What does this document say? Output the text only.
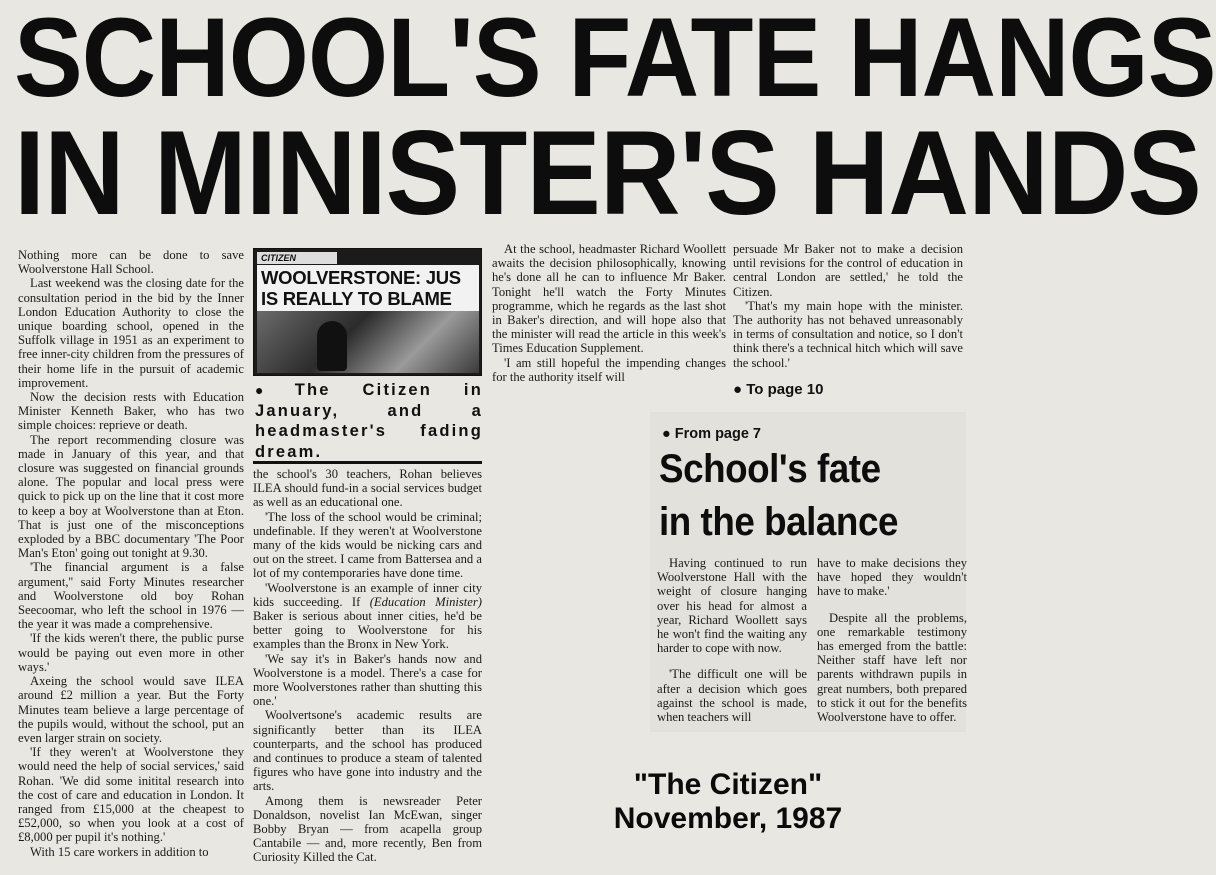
SCHOOL'S FATE HANGS
IN MINISTER'S HANDS

Nothing more can be done to save Woolverstone Hall School.

Last weekend was the closing date for the consultation period in the bid by the Inner London Education Authority to close the unique boarding school, opened in the Suffolk village in 1951 as an experiment to free inner-city children from the pressures of their home life in the pursuit of academic improvement.

Now the decision rests with Education Minister Kenneth Baker, who has two simple choices: reprieve or death.

The report recommending closure was made in January of this year, and that closure was suggested on financial grounds alone. The popular and local press were quick to pick up on the line that it cost more to keep a boy at Woolverstone than at Eton. That is just one of the misconceptions exploded by a BBC documentary 'The Poor Man's Eton' going out tonight at 9.30.

'The financial argument is a false argument,'' said Forty Minutes researcher and Woolverstone old boy Rohan Seecoomar, who left the school in 1976 — the year it was made a comprehensive.

'If the kids weren't there, the public purse would be paying out even more in other ways.'

Axeing the school would save ILEA around £2 million a year. But the Forty Minutes team believe a large percentage of the pupils would, without the school, put an even larger strain on society.

'If they weren't at Woolverstone they would need the help of social services,' said Rohan. 'We did some initital research into the cost of care and education in London. It ranged from £15,000 at the cheapest to £52,000, so when you look at a cost of £8,000 per pupil it's nothing.'

With 15 care workers in addition to

CITIZEN
WOOLVERSTONE: JUS
IS REALLY TO BLAME
● The Citizen in January, and a headmaster's fading dream.

the school's 30 teachers, Rohan believes ILEA should fund-in a social services budget as well as an educational one.

'The loss of the school would be criminal; undefinable. If they weren't at Woolverstone many of the kids would be nicking cars and out on the street. I came from Battersea and a lot of my contemporaries have done time.

'Woolverstone is an example of inner city kids succeeding. If (Education Minister) Baker is serious about inner cities, he'd be better going to Woolverstone for his examples than the Bronx in New York.

'We say it's in Baker's hands now and Woolverstone is a model. There's a case for more Woolverstones rather than shutting this one.'

Woolvertsone's academic results are significantly better than its ILEA counterparts, and the school has produced and continues to produce a steam of talented figures who have gone into industry and the arts.

Among them is newsreader Peter Donaldson, novelist Ian McEwan, singer Bobby Bryan — from acapella group Cantabile — and, more recently, Ben from Curiosity Killed the Cat.

At the school, headmaster Richard Woollett awaits the decision philosophically, knowing he's done all he can to influence Mr Baker. Tonight he'll watch the Forty Minutes programme, which he regards as the last shot in Baker's direction, and will hope also that the minister will read the article in this week's Times Education Supplement.

'I am still hopeful the impending changes for the authority itself will

persuade Mr Baker not to make a decision until revisions for the control of education in central London are settled,' he told the Citizen.

'That's my main hope with the minister. The authority has not behaved unreasonably in terms of consultation and notice, so I don't think there's a technical hitch which will save the school.'

● To page 10
● From page 7
School's fate
in the balance

Having continued to run Woolverstone Hall with the weight of closure hanging over his head for almost a year, Richard Woollett says he won't find the waiting any harder to cope with now.

'The difficult one will be after a decision which goes against the school is made, when teachers will

have to make decisions they have hoped they wouldn't have to make.'

Despite all the problems, one remarkable testimony has emerged from the battle: Neither staff have left nor parents withdrawn pupils in great numbers, both prepared to stick it out for the benefits Woolverstone have to offer.

"The Citizen"
November, 1987
